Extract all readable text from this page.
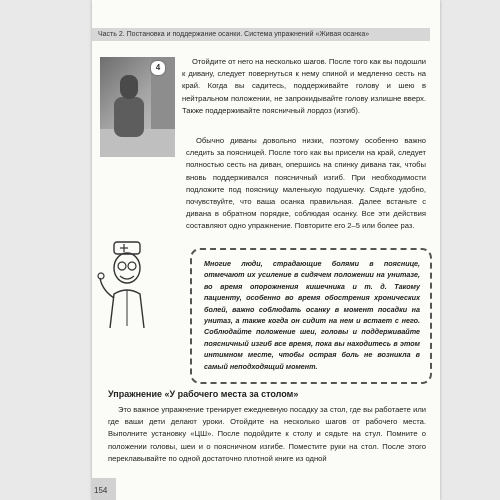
Часть 2. Постановка и поддержание осанки. Система упражнений «Живая осанка»
4

Отойдите от него на несколько шагов. После того как вы подошли к дивану, следует повернуться к нему спиной и медленно сесть на край. Когда вы садитесь, поддерживайте голову и шею в нейтральном положении, не запрокидывайте голову излишне вверх. Также поддерживайте поясничный лордоз (изгиб).

Обычно диваны довольно низки, поэтому особенно важно следить за поясницей. После того как вы присели на край, следует полностью сесть на диван, опершись на спинку дивана так, чтобы вновь поддерживался поясничный изгиб. При необходимости подложите под поясницу маленькую подушечку. Сядьте удобно, почувствуйте, что ваша осанка правильная. Далее встаньте с дивана в обратном порядке, соблюдая осанку. Все эти действия составляют одно упражнение. Повторите его 2–5 или более раз.

Многие люди, страдающие болями в пояснице, отмечают их усиление в сидячем положении на унитазе, во время опорожнения кишечника и т. д. Такому пациенту, особенно во время обострения хронических болей, важно соблюдать осанку в момент посадки на унитаз, а также когда он сидит на нем и встает с него. Соблюдайте положение шеи, головы и поддерживайте поясничный изгиб все время, пока вы находитесь в этом интимном месте, чтобы острая боль не возникла в самый неподходящий момент.

Упражнение «У рабочего места за столом»

Это важное упражнение тренирует ежедневную посадку за стол, где вы работаете или где ваши дети делают уроки. Отойдите на несколько шагов от рабочего места. Выполните установку «ЦШ». После подойдите к столу и сядьте на стул. Помните о положении головы, шеи и о поясничном изгибе. Поместите руки на стол. После этого переклавывайте по одной достаточно плотной книге из одной

154
